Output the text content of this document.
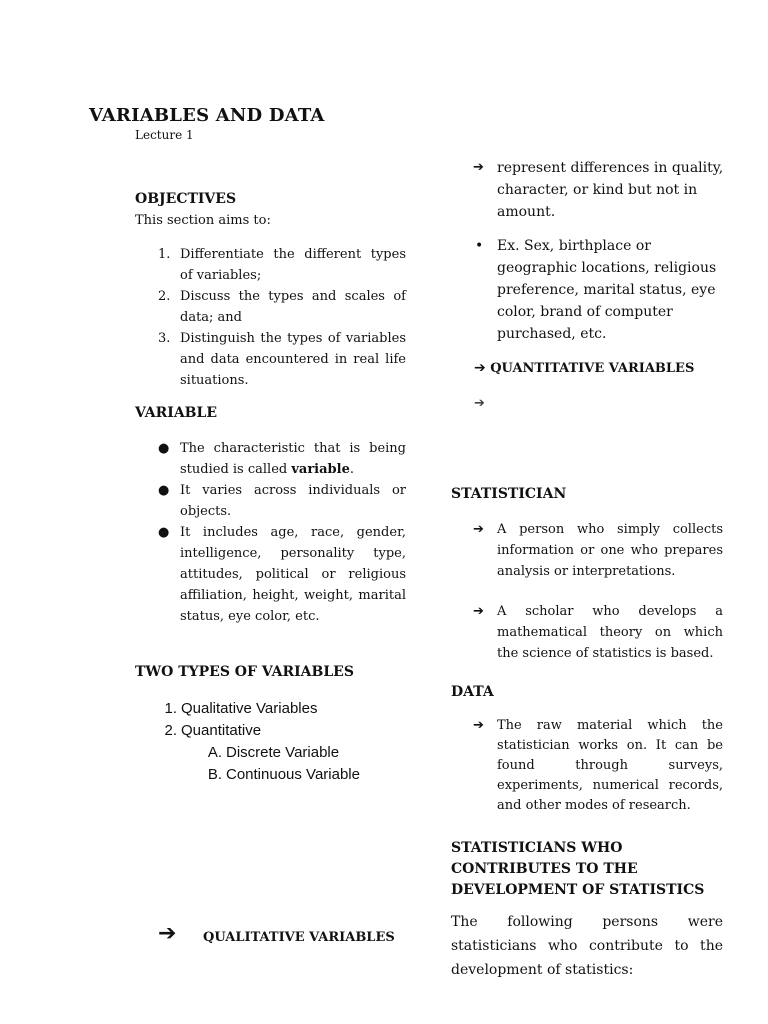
VARIABLES AND DATA
Lecture 1
OBJECTIVES
This section aims to:
1. Differentiate the different types of variables;
2. Discuss the types and scales of data; and
3. Distinguish the types of variables and data encountered in real life situations.
VARIABLE
● The characteristic that is being studied is called variable.
● It varies across individuals or objects.
● It includes age, race, gender, intelligence, personality type, attitudes, political or religious affiliation, height, weight, marital status, eye color, etc.
TWO TYPES OF VARIABLES
1. Qualitative Variables
2. Quantitative
A. Discrete Variable
B. Continuous Variable
➔ QUALITATIVE VARIABLES
➔ represent differences in quality, character, or kind but not in amount.
• Ex. Sex, birthplace or geographic locations, religious preference, marital status, eye color, brand of computer purchased, etc.
➔ QUANTITATIVE VARIABLES
➔
STATISTICIAN
➔ A person who simply collects information or one who prepares analysis or interpretations.
➔ A scholar who develops a mathematical theory on which the science of statistics is based.
DATA
➔ The raw material which the statistician works on. It can be found through surveys, experiments, numerical records, and other modes of research.
STATISTICIANS WHO
CONTRIBUTES TO THE
DEVELOPMENT OF STATISTICS
The following persons were statisticians who contribute to the development of statistics:
